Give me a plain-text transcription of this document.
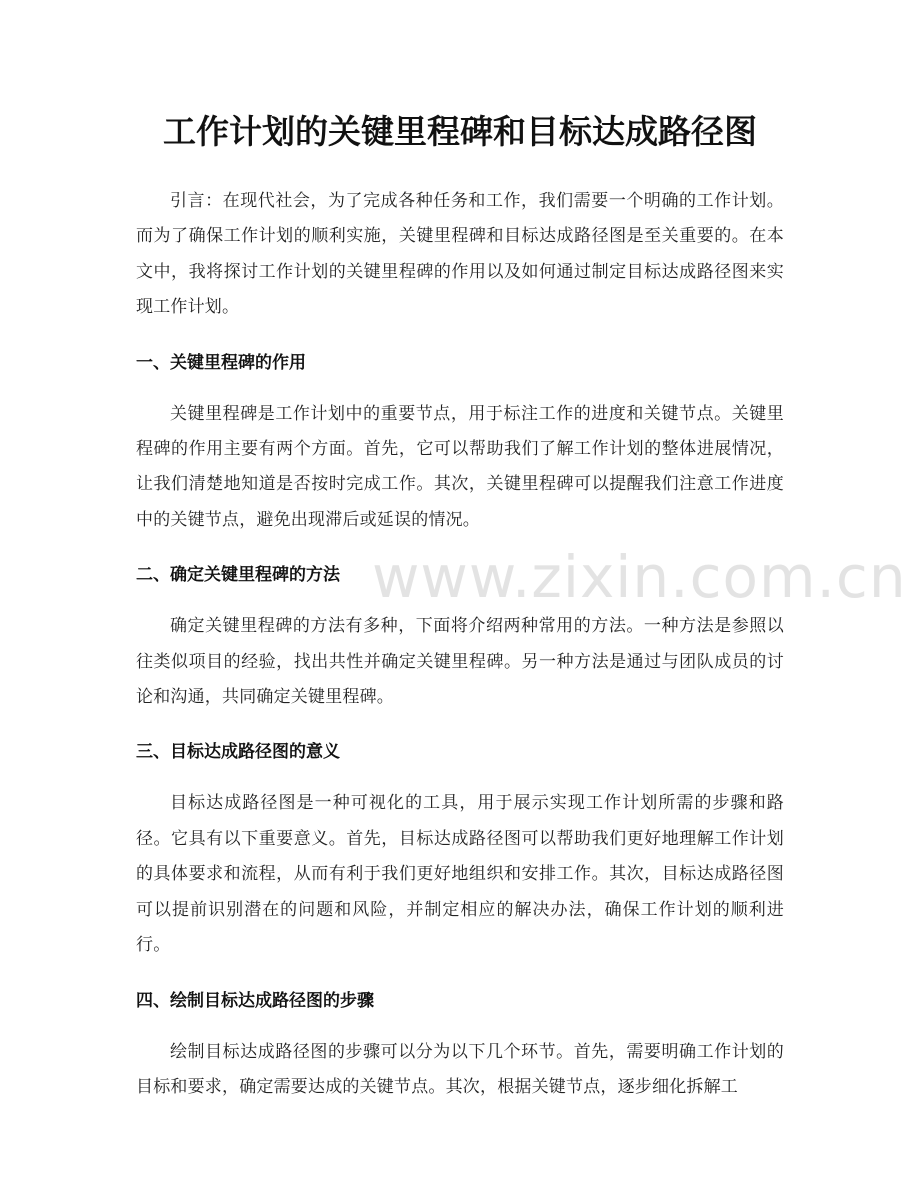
工作计划的关键里程碑和目标达成路径图

引言：在现代社会，为了完成各种任务和工作，我们需要一个明确的工作计划。而为了确保工作计划的顺利实施，关键里程碑和目标达成路径图是至关重要的。在本文中，我将探讨工作计划的关键里程碑的作用以及如何通过制定目标达成路径图来实现工作计划。

一、关键里程碑的作用

关键里程碑是工作计划中的重要节点，用于标注工作的进度和关键节点。关键里程碑的作用主要有两个方面。首先，它可以帮助我们了解工作计划的整体进展情况，让我们清楚地知道是否按时完成工作。其次，关键里程碑可以提醒我们注意工作进度中的关键节点，避免出现滞后或延误的情况。

二、确定关键里程碑的方法

确定关键里程碑的方法有多种，下面将介绍两种常用的方法。一种方法是参照以往类似项目的经验，找出共性并确定关键里程碑。另一种方法是通过与团队成员的讨论和沟通，共同确定关键里程碑。

三、目标达成路径图的意义

目标达成路径图是一种可视化的工具，用于展示实现工作计划所需的步骤和路径。它具有以下重要意义。首先，目标达成路径图可以帮助我们更好地理解工作计划的具体要求和流程，从而有利于我们更好地组织和安排工作。其次，目标达成路径图可以提前识别潜在的问题和风险，并制定相应的解决办法，确保工作计划的顺利进行。

四、绘制目标达成路径图的步骤

绘制目标达成路径图的步骤可以分为以下几个环节。首先，需要明确工作计划的目标和要求，确定需要达成的关键节点。其次，根据关键节点，逐步细化拆解工

www.zixin.com.cn
